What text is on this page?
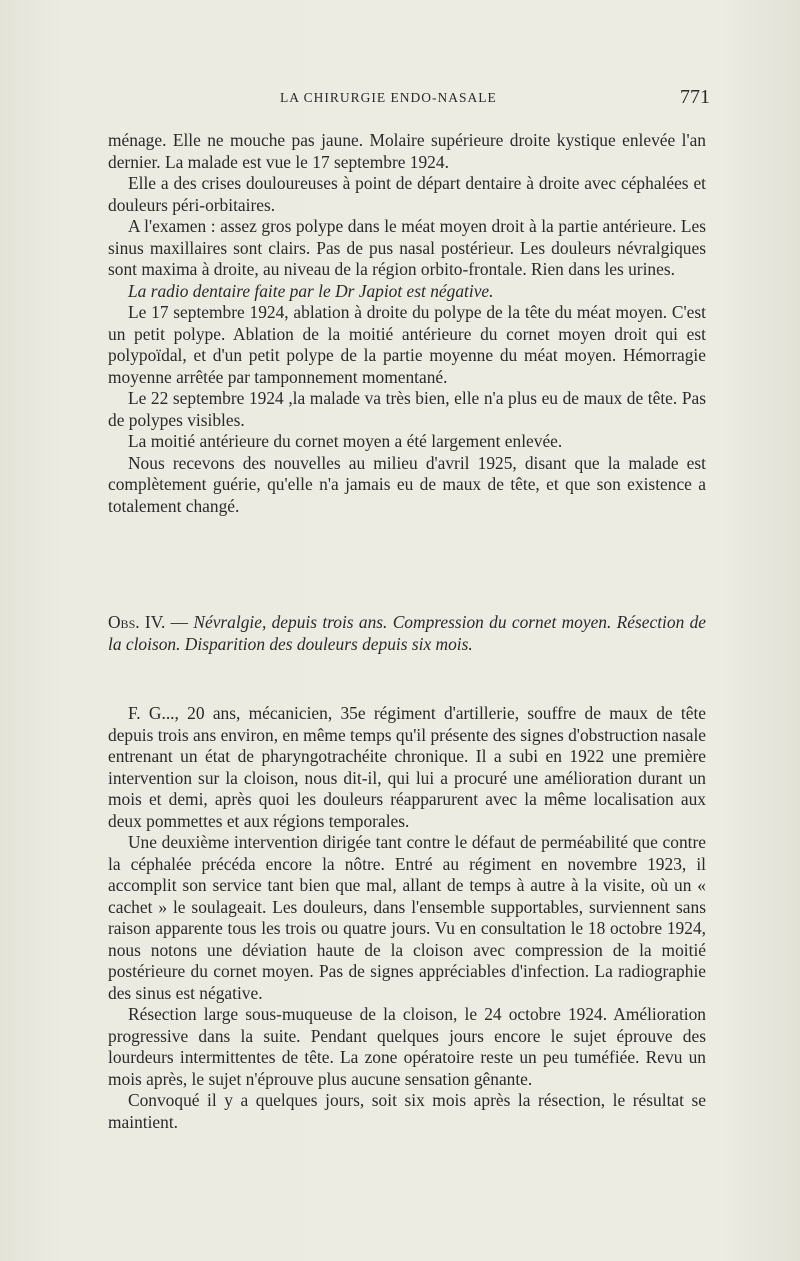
LA CHIRURGIE ENDO-NASALE	771

ménage. Elle ne mouche pas jaune. Molaire supérieure droite kystique enlevée l'an dernier. La malade est vue le 17 septembre 1924.

Elle a des crises douloureuses à point de départ dentaire à droite avec céphalées et douleurs péri-orbitaires.

A l'examen : assez gros polype dans le méat moyen droit à la partie antérieure. Les sinus maxillaires sont clairs. Pas de pus nasal postérieur. Les douleurs névralgiques sont maxima à droite, au niveau de la région orbito-frontale. Rien dans les urines.

La radio dentaire faite par le Dr Japiot est négative.

Le 17 septembre 1924, ablation à droite du polype de la tête du méat moyen. C'est un petit polype. Ablation de la moitié antérieure du cornet moyen droit qui est polypoïdal, et d'un petit polype de la partie moyenne du méat moyen. Hémorragie moyenne arrêtée par tamponnement momentané.

Le 22 septembre 1924 ,la malade va très bien, elle n'a plus eu de maux de tête. Pas de polypes visibles.

La moitié antérieure du cornet moyen a été largement enlevée.

Nous recevons des nouvelles au milieu d'avril 1925, disant que la malade est complètement guérie, qu'elle n'a jamais eu de maux de tête, et que son existence a totalement changé.

Obs. IV. — Névralgie, depuis trois ans. Compression du cornet moyen. Résection de la cloison. Disparition des douleurs depuis six mois.

F. G..., 20 ans, mécanicien, 35e régiment d'artillerie, souffre de maux de tête depuis trois ans environ, en même temps qu'il présente des signes d'obstruction nasale entrenant un état de pharyngotrachéite chronique. Il a subi en 1922 une première intervention sur la cloison, nous dit-il, qui lui a procuré une amélioration durant un mois et demi, après quoi les douleurs réapparurent avec la même localisation aux deux pommettes et aux régions temporales.

Une deuxième intervention dirigée tant contre le défaut de perméabilité que contre la céphalée précéda encore la nôtre. Entré au régiment en novembre 1923, il accomplit son service tant bien que mal, allant de temps à autre à la visite, où un « cachet » le soulageait. Les douleurs, dans l'ensemble supportables, surviennent sans raison apparente tous les trois ou quatre jours. Vu en consultation le 18 octobre 1924, nous notons une déviation haute de la cloison avec compression de la moitié postérieure du cornet moyen. Pas de signes appréciables d'infection. La radiographie des sinus est négative.

Résection large sous-muqueuse de la cloison, le 24 octobre 1924. Amélioration progressive dans la suite. Pendant quelques jours encore le sujet éprouve des lourdeurs intermittentes de tête. La zone opératoire reste un peu tuméfiée. Revu un mois après, le sujet n'éprouve plus aucune sensation gênante.

Convoqué il y a quelques jours, soit six mois après la résection, le résultat se maintient.
